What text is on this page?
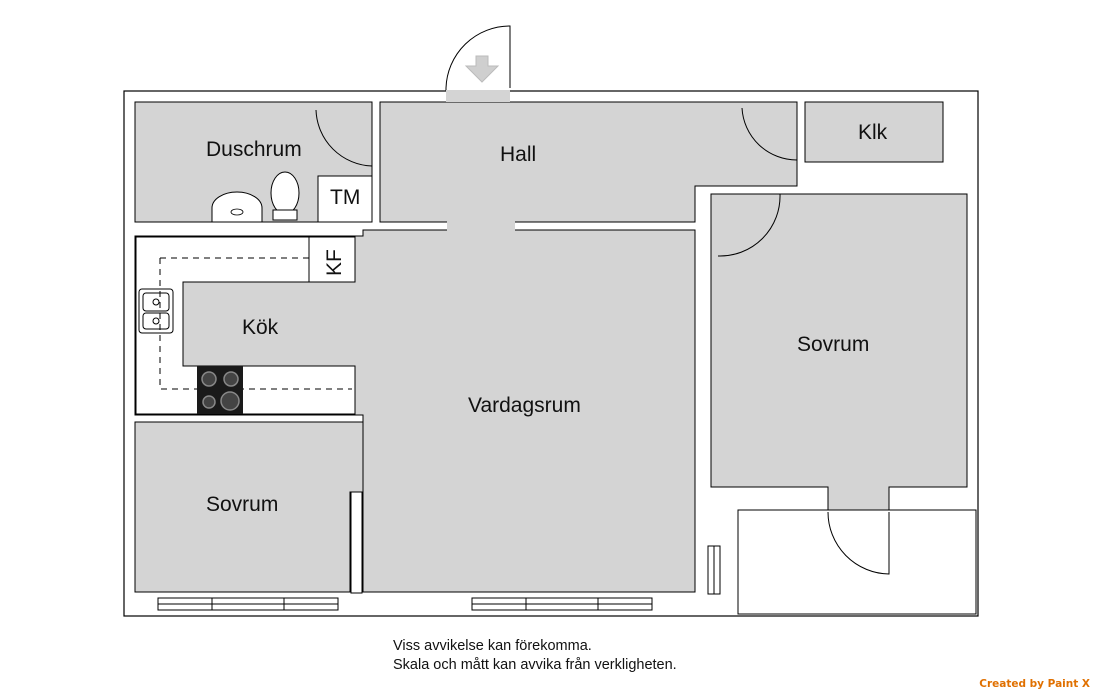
Duschrum	Hall
Klk
Kök
Vardagsrum
Sovrum
Sovrum
TM
KF
Viss avvikelse kan förekomma.
Skala och mått kan avvika från verkligheten.
Created by Paint X
